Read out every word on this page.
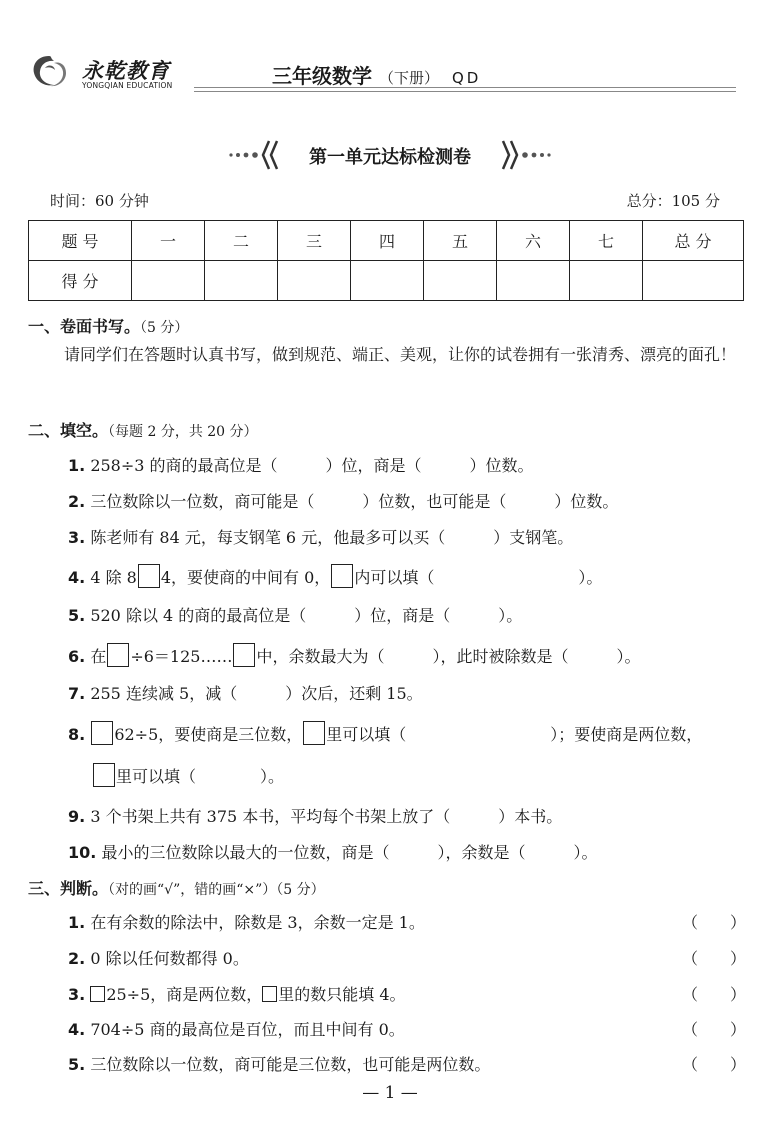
永乾教育
YONGQIAN EDUCATION	三年级数学 （下册） QD
第一单元达标检测卷
时间：60 分钟	总分：105 分
题 号	一	二	三	四	五	六	七	总 分
得 分								
一、卷面书写。（5 分）
请同学们在答题时认真书写，做到规范、端正、美观，让你的试卷拥有一张清秀、漂亮的面孔！
二、填空。（每题 2 分，共 20 分）
1. 258÷3 的商的最高位是（　　　）位，商是（　　　）位数。
2. 三位数除以一位数，商可能是（　　　）位数，也可能是（　　　）位数。
3. 陈老师有 84 元，每支钢笔 6 元，他最多可以买（　　　）支钢笔。
4. 4 除 8 4，要使商的中间有 0， 内可以填（　　　　　　　　　）。
5. 520 除以 4 的商的最高位是（　　　）位，商是（　　　）。
6. 在 ÷6＝125…… 中，余数最大为（　　　），此时被除数是（　　　）。
7. 255 连续减 5，减（　　　）次后，还剩 15。
8. 62÷5，要使商是三位数， 里可以填（　　　　　　　　　）；要使商是两位数，
里可以填（　　　　）。
9. 3 个书架上共有 375 本书，平均每个书架上放了（　　　）本书。
10. 最小的三位数除以最大的一位数，商是（　　　），余数是（　　　）。
三、判断。（对的画“√”，错的画“×”）（5 分）
1. 在有余数的除法中，除数是 3，余数一定是 1。	（　　）
2. 0 除以任何数都得 0。	（　　）
3. 25÷5，商是两位数， 里的数只能填 4。	（　　）
4. 704÷5 商的最高位是百位，而且中间有 0。	（　　）
5. 三位数除以一位数，商可能是三位数，也可能是两位数。	（　　）
— 1 —
